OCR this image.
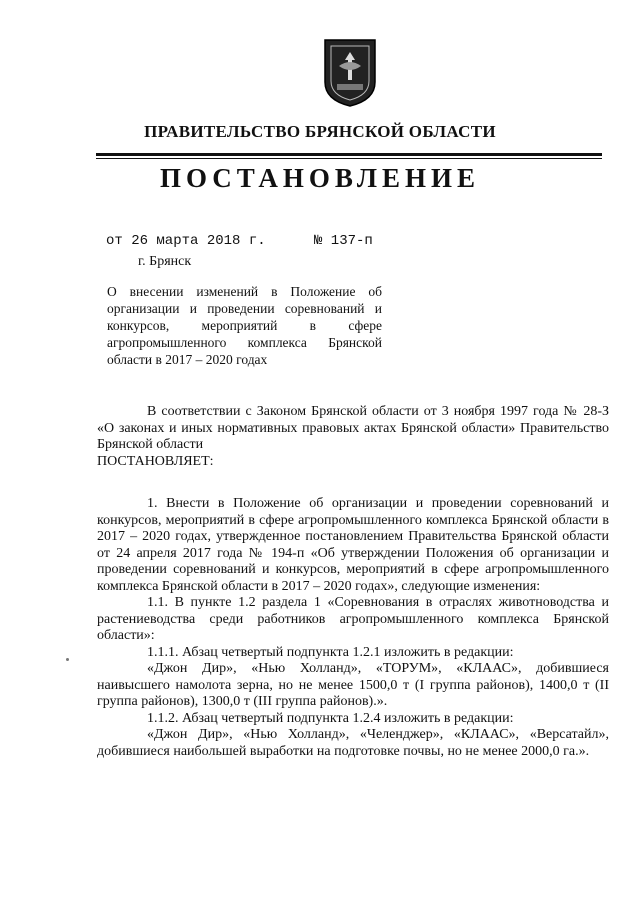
ПРАВИТЕЛЬСТВО БРЯНСКОЙ ОБЛАСТИ
ПОСТАНОВЛЕНИЕ
от 26 марта 2018 г.	№ 137-п
г. Брянск
О внесении изменений в Положение об организации и проведении соревнований и конкурсов, мероприятий в сфере агропромышленного комплекса Брянской области в 2017 – 2020 годах

В соответствии с Законом Брянской области от 3 ноября 1997 года № 28-З «О законах и иных нормативных правовых актах Брянской области» Правительство Брянской области

ПОСТАНОВЛЯЕТ:

1. Внести в Положение об организации и проведении соревнований и конкурсов, мероприятий в сфере агропромышленного комплекса Брянской области в 2017 – 2020 годах, утвержденное постановлением Правительства Брянской области от 24 апреля 2017 года № 194-п «Об утверждении Положения об организации и проведении соревнований и конкурсов, мероприятий в сфере агропромышленного комплекса Брянской области в 2017 – 2020 годах», следующие изменения:

1.1. В пункте 1.2 раздела 1 «Соревнования в отраслях животноводства и растениеводства среди работников агропромышленного комплекса Брянской области»:

1.1.1. Абзац четвертый подпункта 1.2.1 изложить в редакции:

«Джон Дир», «Нью Холланд», «ТОРУМ», «КЛААС», добившиеся наивысшего намолота зерна, но не менее 1500,0 т (I группа районов), 1400,0 т (II группа районов), 1300,0 т (III группа районов).».

1.1.2. Абзац четвертый подпункта 1.2.4 изложить в редакции:

«Джон Дир», «Нью Холланд», «Челенджер», «КЛААС», «Версатайл», добившиеся наибольшей выработки на подготовке почвы, но не менее 2000,0 га.».
